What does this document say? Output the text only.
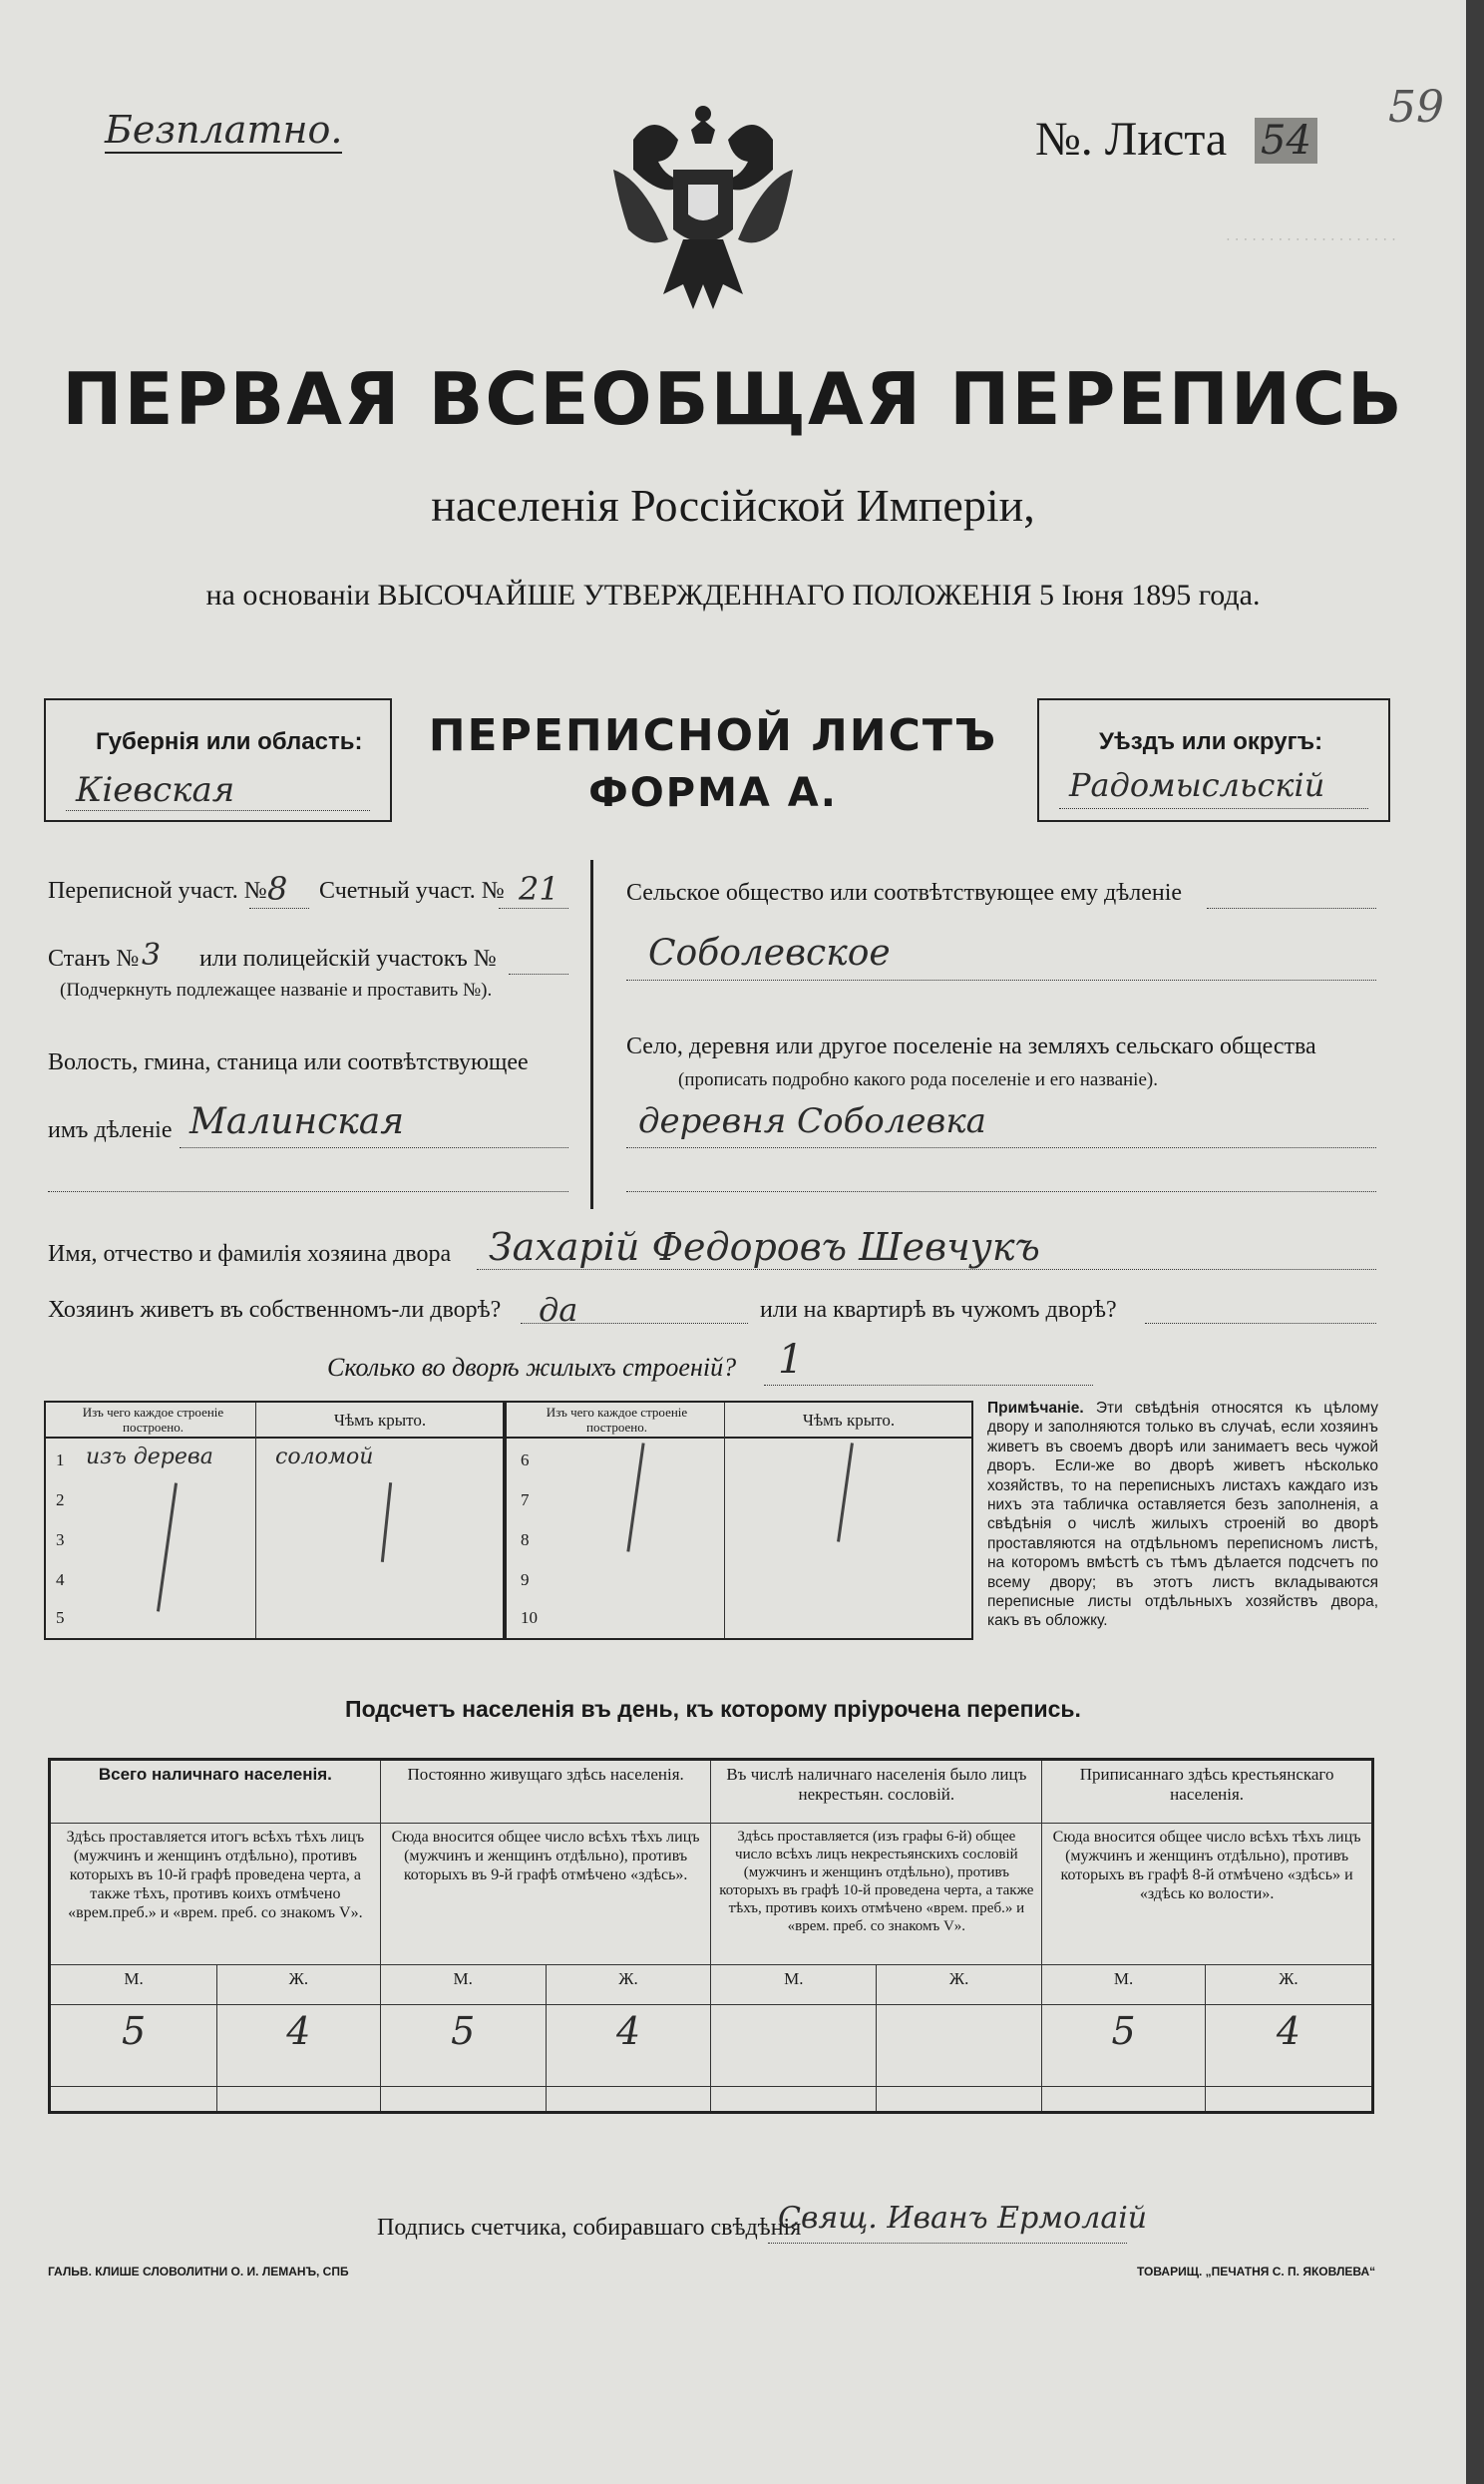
· · · · · · · · · · · · · · · · · · · ·
Безплатно.	№. Листа 54
59
ПЕРВАЯ ВСЕОБЩАЯ ПЕРЕПИСЬ
населенія Россійской Имперіи,
на основаніи ВЫСОЧАЙШЕ УТВЕРЖДЕННАГО ПОЛОЖЕНІЯ 5 Іюня 1895 года.
Губернія или область:
Кіевская
ПЕРЕПИСНОЙ ЛИСТЪ
ФОРМА А.
Уѣздъ или округъ:
Радомысльскій
Переписной участ. № 8 Счетный участ. № 21
Станъ № 3 или полицейскій участокъ №
(Подчеркнуть подлежащее названіе и проставить №).
Волость, гмина, станица или соотвѣтствующее
имъ дѣленіе Малинская
Сельское общество или соотвѣтствующее ему дѣленіе
Соболевское
Село, деревня или другое поселеніе на земляхъ сельскаго общества
(прописать подробно какого рода поселеніе и его названіе).
деревня Соболевка
Имя, отчество и фамилія хозяина двора Захарій Федоровъ Шевчукъ
Хозяинъ живетъ въ собственномъ-ли дворѣ? да	или на квартирѣ въ чужомъ дворѣ?
Сколько во дворѣ жилыхъ строеній? 1
Изъ чего каждое строеніе построено.	Чѣмъ крыто.	Изъ чего каждое строеніе построено.	Чѣмъ крыто.
1 изъ дерева	соломой
2
3
4
5
6
7
8
9
10
Примѣчаніе. Эти свѣдѣнія относятся къ цѣлому двору и заполняются только въ случаѣ, если хозяинъ живетъ въ своемъ дворѣ или занимаетъ весь чужой дворъ. Если-же во дворѣ живетъ нѣсколько хозяйствъ, то на переписныхъ листахъ каждаго изъ нихъ эта табличка оставляется безъ заполненія, а свѣдѣнія о числѣ жилыхъ строеній во дворѣ проставляются на отдѣльномъ переписномъ листѣ, на которомъ вмѣстѣ съ тѣмъ дѣлается подсчетъ по всему двору; въ этотъ листъ вкладываются переписные листы отдѣльныхъ хозяйствъ двора, какъ въ обложку.
Подсчетъ населенія въ день, къ которому пріурочена перепись.
Всего наличнаго населенія.		Постоянно живущаго здѣсь населенія.		Въ числѣ наличнаго населенія было лицъ некрестьян. сословій.		Приписаннаго здѣсь крестьянскаго населенія.	
Здѣсь проставляется итогъ всѣхъ тѣхъ лицъ (мужчинъ и женщинъ отдѣльно), противъ которыхъ въ 10-й графѣ проведена черта, а также тѣхъ, противъ коихъ отмѣчено «врем.преб.» и «врем. преб. со знакомъ V».		Сюда вносится общее число всѣхъ тѣхъ лицъ (мужчинъ и женщинъ отдѣльно), противъ которыхъ въ 9-й графѣ отмѣчено «здѣсь».		Здѣсь проставляется (изъ графы 6-й) общее число всѣхъ лицъ некрестьянскихъ сословій (мужчинъ и женщинъ отдѣльно), противъ которыхъ въ графѣ 10-й проведена черта, а также тѣхъ, противъ коихъ отмѣчено «врем. преб.» и «врем. преб. со знакомъ V».		Сюда вносится общее число всѣхъ тѣхъ лицъ (мужчинъ и женщинъ отдѣльно), противъ которыхъ въ графѣ 8-й отмѣчено «здѣсь» и «здѣсь ко волости».	
М.	Ж.	М.	Ж.	М.	Ж.	М.	Ж.
5	4	5	4			5	4

Подпись счетчика, собиравшаго свѣдѣнія
Свящ. Иванъ Ермолаій
ГАЛЬВ. КЛИШЕ СЛОВОЛИТНИ О. И. ЛЕМАНЪ, СПБ	ТОВАРИЩ. „ПЕЧАТНЯ С. П. ЯКОВЛЕВА“
